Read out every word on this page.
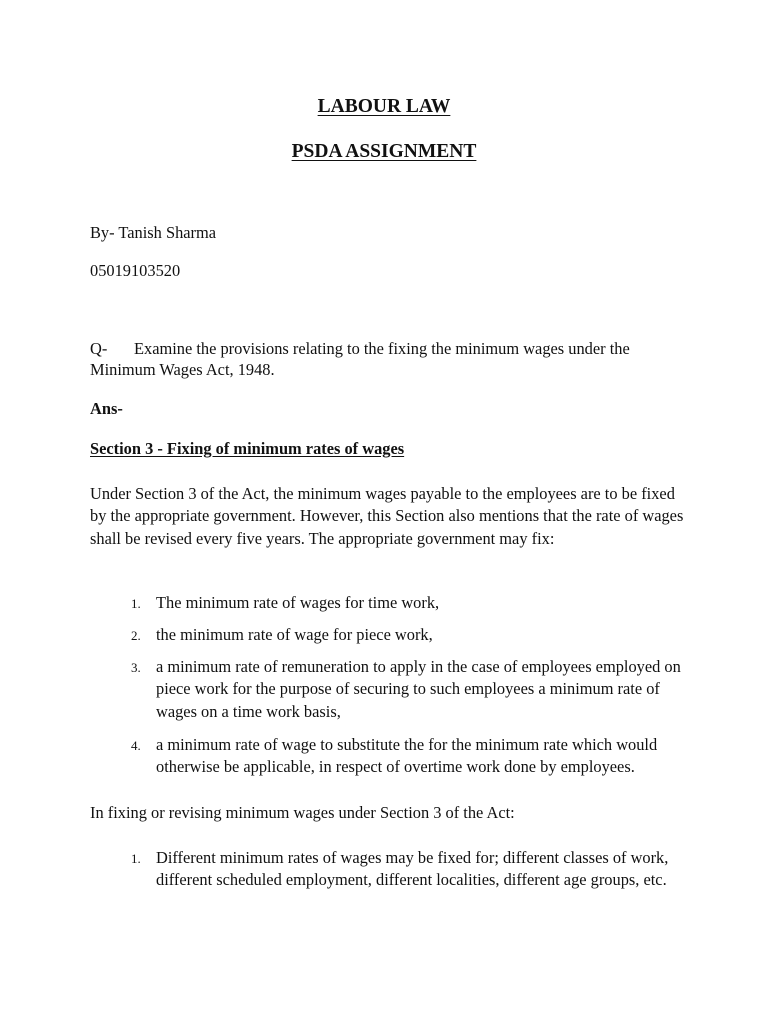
LABOUR LAW
PSDA ASSIGNMENT
By- Tanish Sharma
05019103520
Q- Examine the provisions relating to the fixing the minimum wages under the
Minimum Wages Act, 1948.
Ans-
Section 3 - Fixing of minimum rates of wages
Under Section 3 of the Act, the minimum wages payable to the employees are to be fixed by the appropriate government. However, this Section also mentions that the rate of wages shall be revised every five years. The appropriate government may fix:
1. The minimum rate of wages for time work,
2. the minimum rate of wage for piece work,
3. a minimum rate of remuneration to apply in the case of employees employed on piece work for the purpose of securing to such employees a minimum rate of wages on a time work basis,
4. a minimum rate of wage to substitute the for the minimum rate which would otherwise be applicable, in respect of overtime work done by employees.
In fixing or revising minimum wages under Section 3 of the Act:
1. Different minimum rates of wages may be fixed for; different classes of work, different scheduled employment, different localities, different age groups, etc.
